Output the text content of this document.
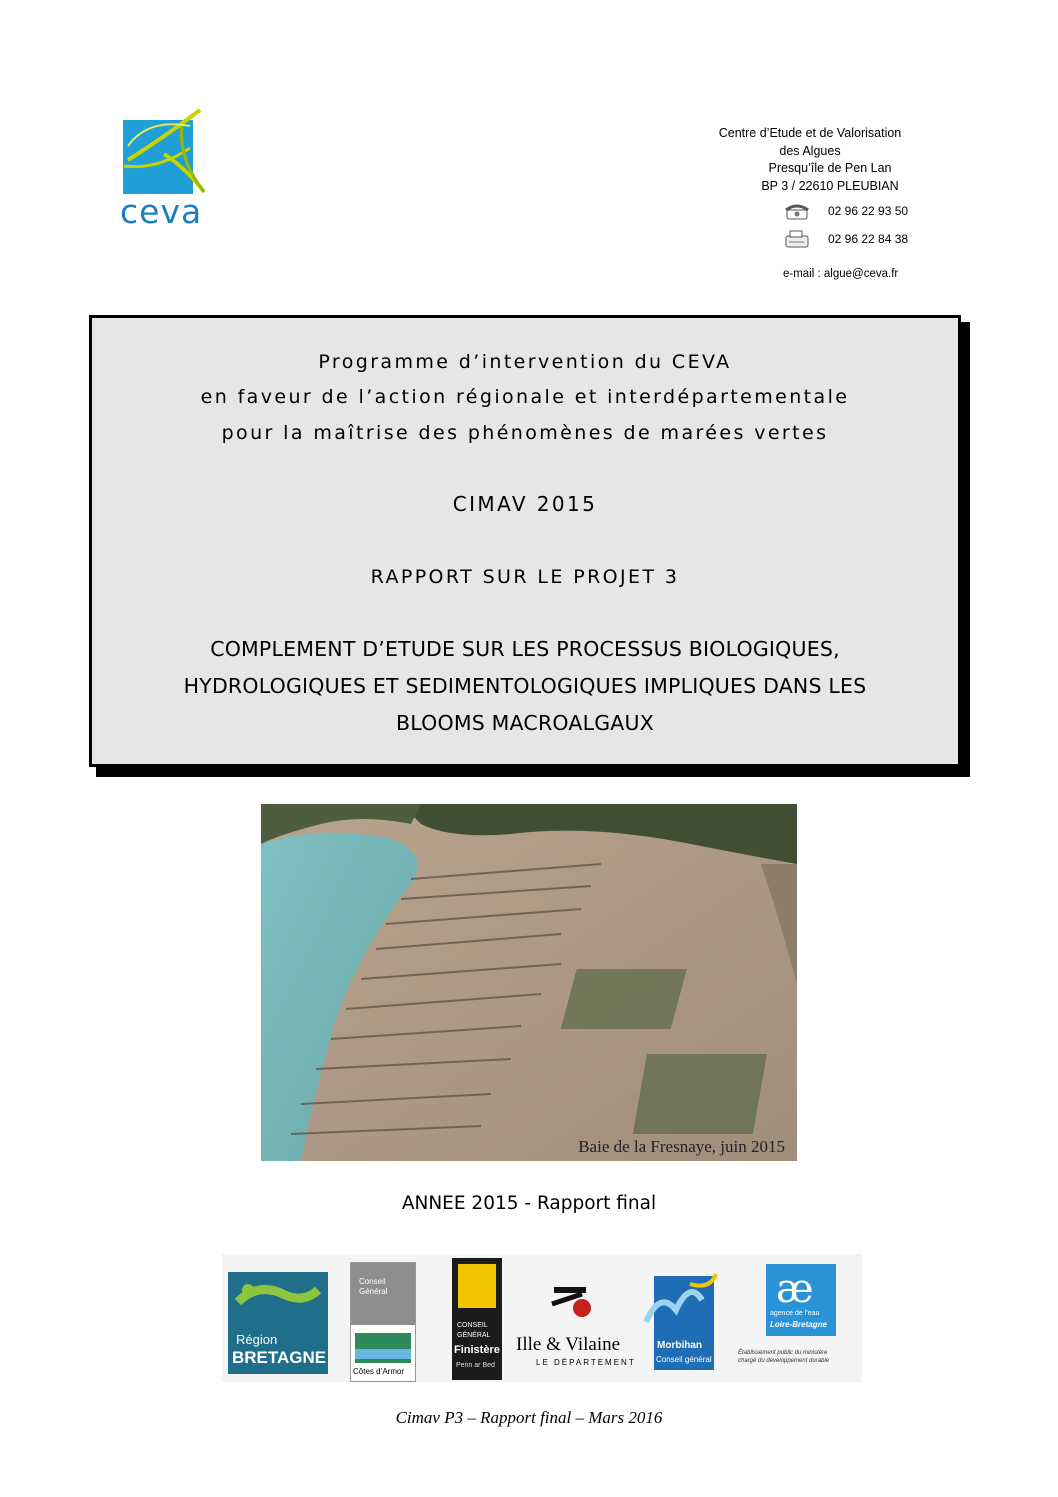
ceva
Centre d’Etude et de Valorisation
des Algues
Presqu’île de Pen Lan
BP 3 / 22610 PLEUBIAN
02 96 22 93 50
02 96 22 84 38
e-mail : algue@ceva.fr
Programme d’intervention du CEVA
en faveur de l’action régionale et interdépartementale
pour la maîtrise des phénomènes de marées vertes
CIMAV 2015
RAPPORT SUR LE PROJET 3
COMPLEMENT D’ETUDE SUR LES PROCESSUS BIOLOGIQUES,
HYDROLOGIQUES ET SEDIMENTOLOGIQUES IMPLIQUES DANS LES
BLOOMS MACROALGAUX
Baie de la Fresnaye, juin 2015
ANNEE 2015 - Rapport final
Région
BRETAGNE
Conseil
Général
Côtes d’Armor
CONSEIL
GÉNÉRAL
Finistère
Penn ar Bed
Ille & Vilaine
LE DÉPARTEMENT
Morbihan
Conseil général
æ
agence de l’eau
Loire-Bretagne
Établissement public du ministère
chargé du développement durable
Cimav P3 – Rapport final – Mars 2016
